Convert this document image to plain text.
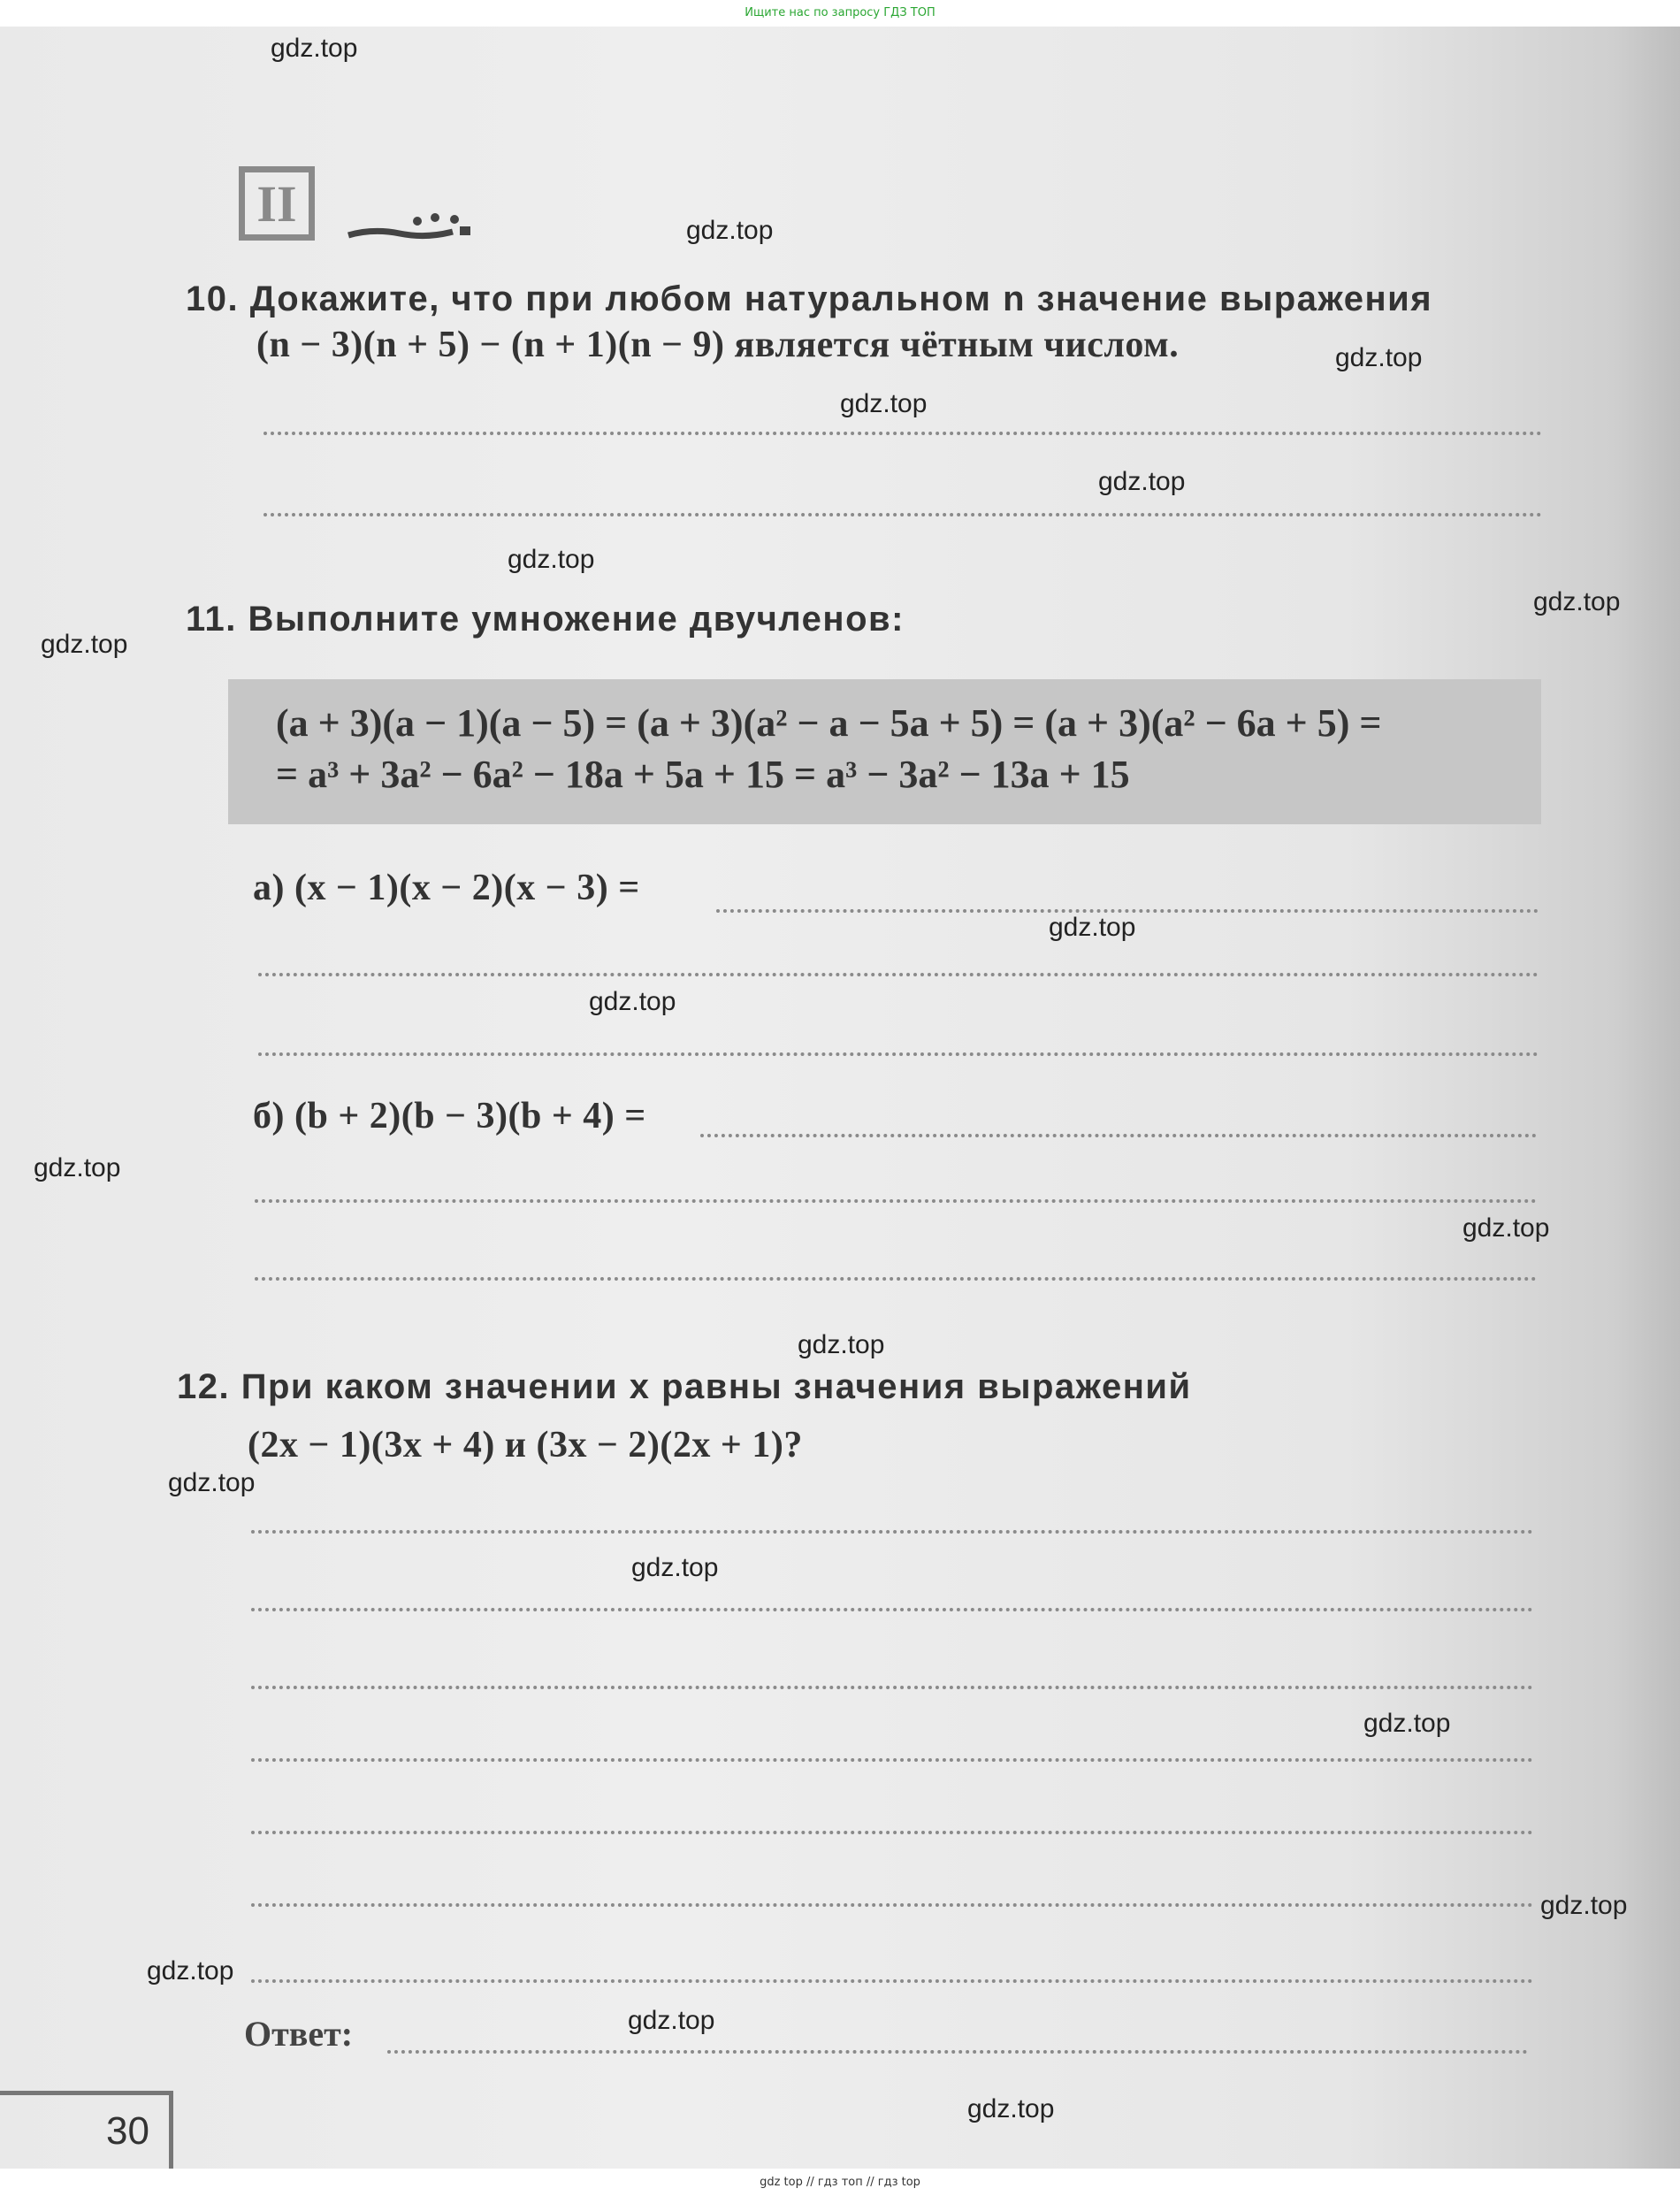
Ищите нас по запросу ГДЗ ТОП
gdz.top
gdz.top
gdz.top
gdz.top
gdz.top
gdz.top
gdz.top
gdz.top
gdz.top
gdz.top
gdz.top
gdz.top
gdz.top
gdz.top
gdz.top
gdz.top
gdz.top
gdz.top
gdz.top
gdz.top
II
10. Докажите, что при любом натуральном n значение выражения
(n − 3)(n + 5) − (n + 1)(n − 9) является чётным числом.
11. Выполните умножение двучленов:
(a + 3)(a − 1)(a − 5) = (a + 3)(a² − a − 5a + 5) = (a + 3)(a² − 6a + 5) =
= a³ + 3a² − 6a² − 18a + 5a + 15 = a³ − 3a² − 13a + 15
а) (x − 1)(x − 2)(x − 3) =
б) (b + 2)(b − 3)(b + 4) =
12. При каком значении x равны значения выражений
(2x − 1)(3x + 4) и (3x − 2)(2x + 1)?
Ответ:
30
gdz top // гдз топ // гдз top
